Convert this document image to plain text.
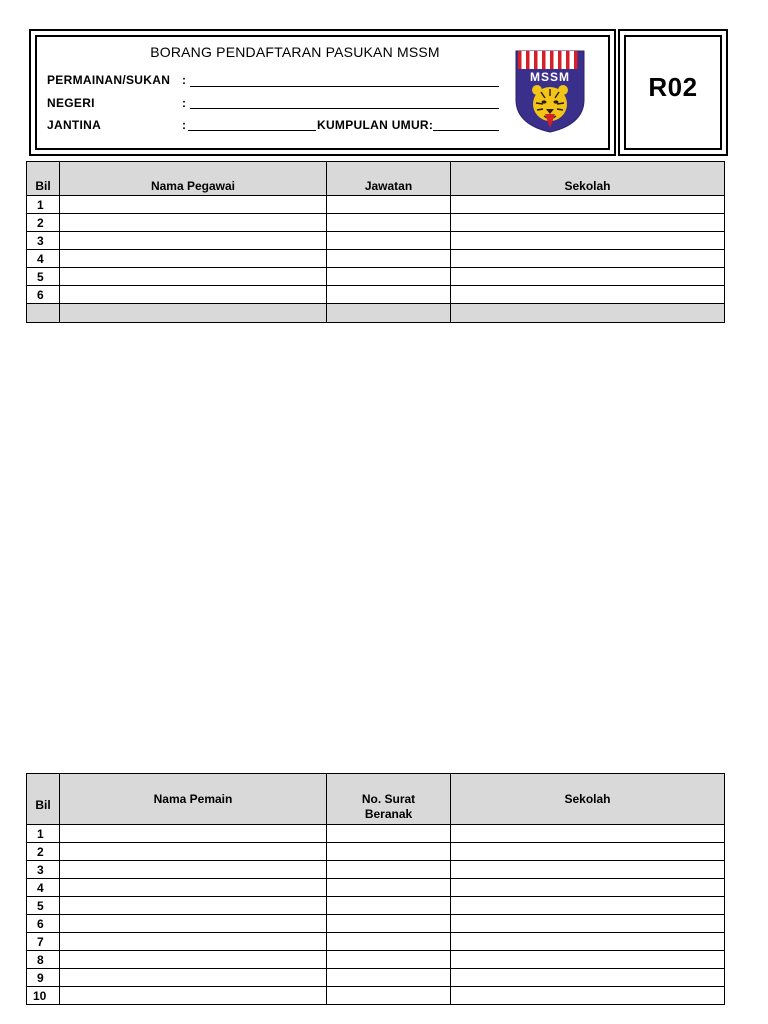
R02
BORANG PENDAFTARAN PASUKAN MSSM
PERMAINAN/SUKAN :
NEGERI	:
JANTINA	:	KUMPULAN UMUR:
MSSM
Bil	Nama Pegawai	Jawatan	Sekolah
1			
2			
3			
4			
5			
6			

Bil	Nama Pemain	No. Surat Beranak	Sekolah
1			
2			
3			
4			
5			
6			
7			
8			
9			
10			
